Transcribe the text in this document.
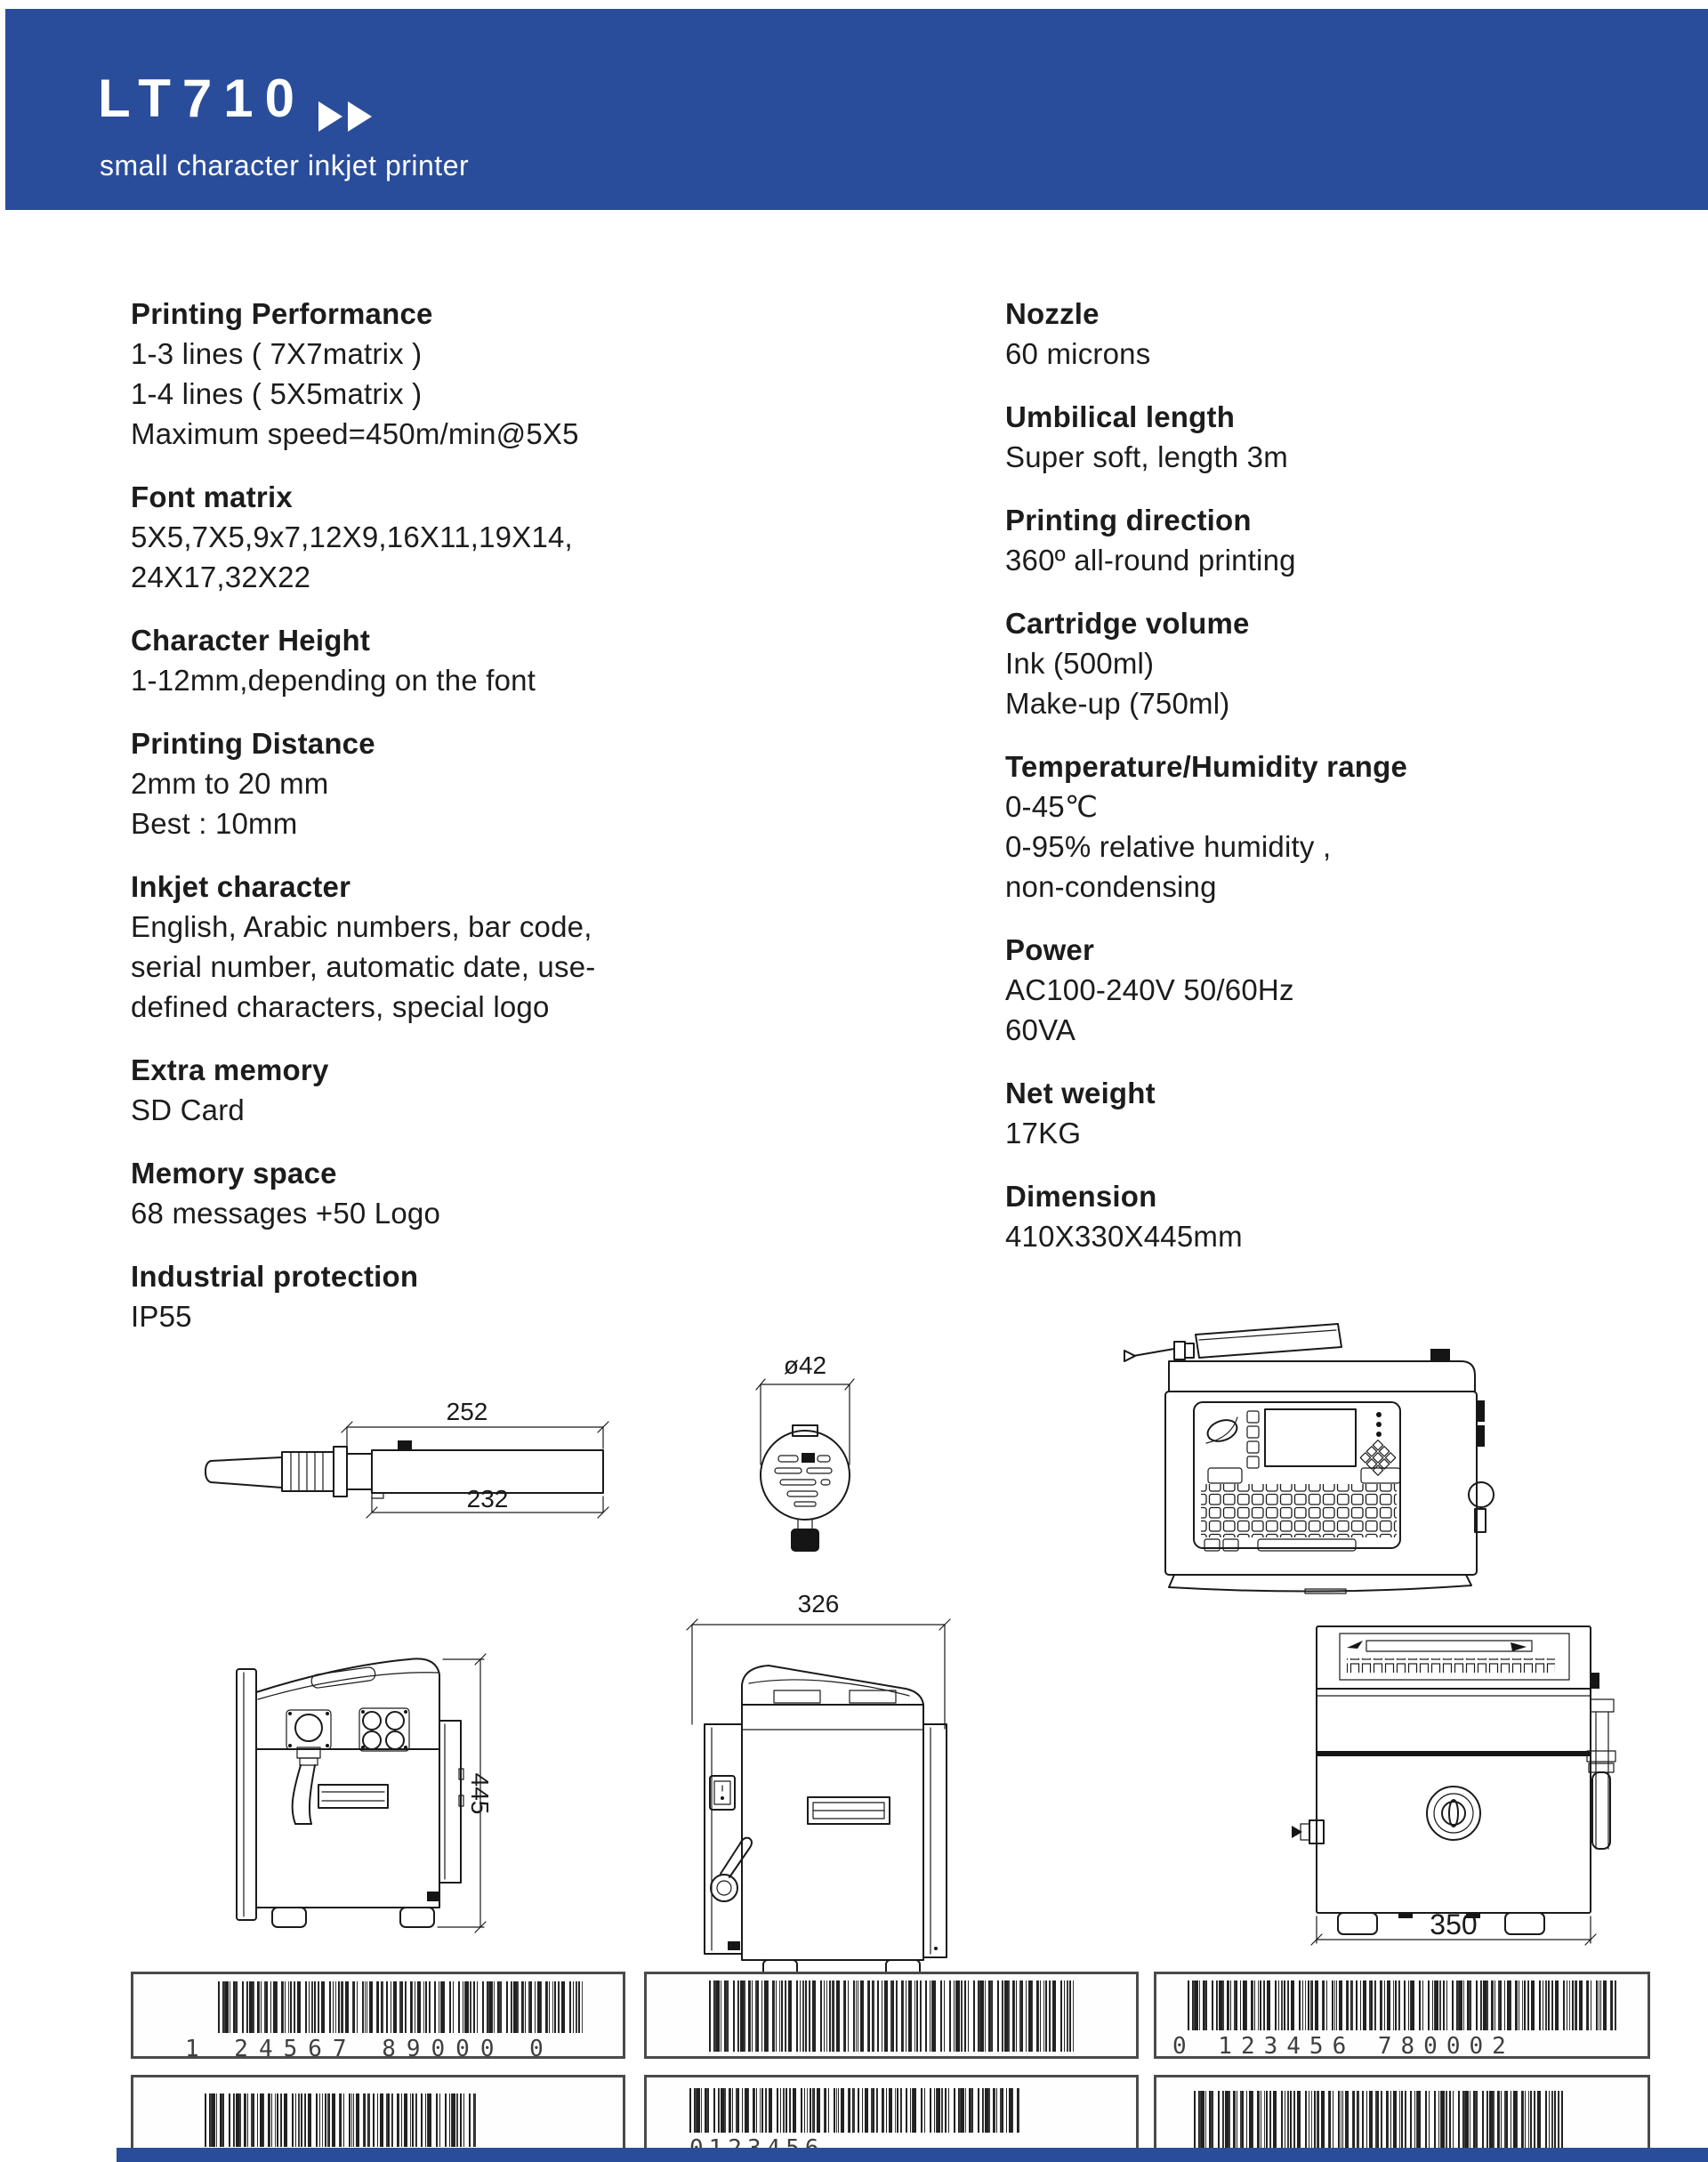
LT710
small character inkjet printer
Printing Performance

1-3 lines ( 7X7matrix )

1-4 lines ( 5X5matrix )

Maximum speed=450m/min@5X5

Font matrix

5X5,7X5,9x7,12X9,16X11,19X14,

24X17,32X22

Character Height

1-12mm,depending on the font

Printing Distance

2mm to 20 mm

Best : 10mm

Inkjet character

English, Arabic numbers, bar code,

serial number, automatic date, use-

defined characters, special logo

Extra memory

SD Card

Memory space

68 messages +50 Logo

Industrial protection

IP55

Nozzle

60 microns

Umbilical length

Super soft, length 3m

Printing direction

360º all-round printing

Cartridge volume

Ink (500ml)

Make-up (750ml)

Temperature/Humidity range

0-45℃

0-95% relative humidity ,

non-condensing

Power

AC100-240V 50/60Hz

60VA

Net weight

17KG

Dimension

410X330X445mm

252
232
ø42
445
326
350
1 24567 89000 0	0 123456 780002
